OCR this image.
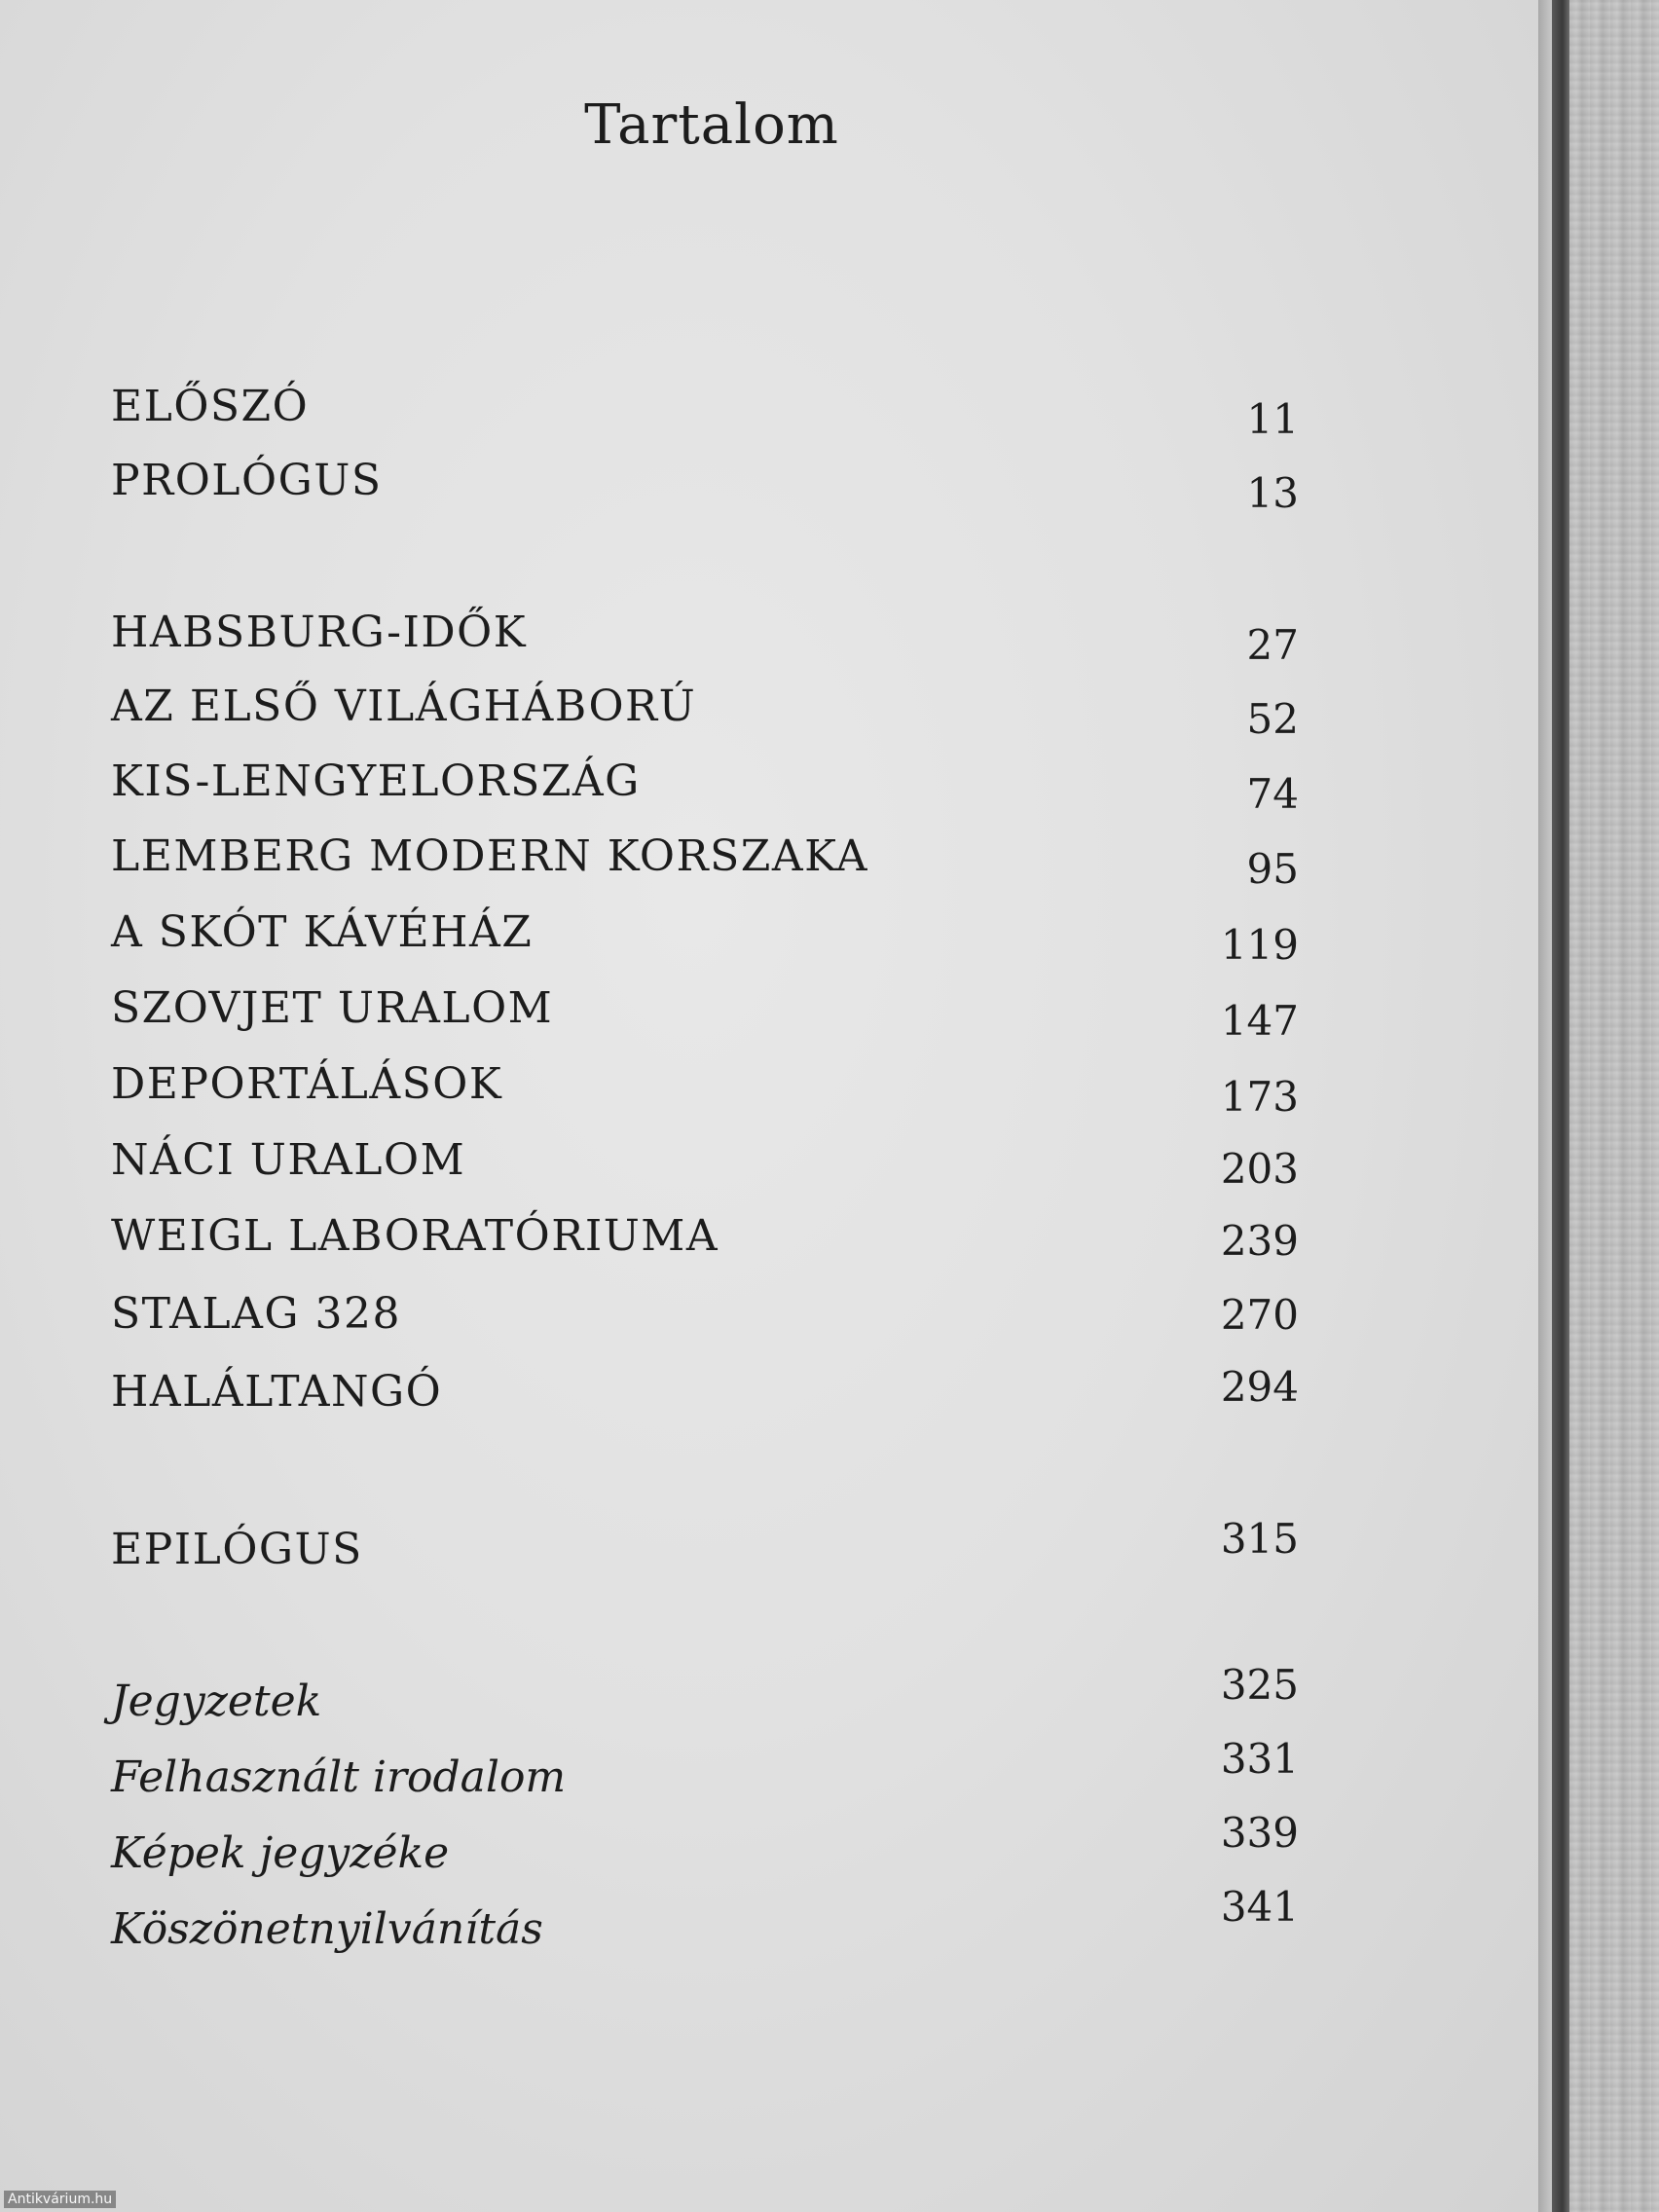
Tartalom
ELŐSZÓ	11
PROLÓGUS	13
HABSBURG-IDŐK	27
AZ ELSŐ VILÁGHÁBORÚ	52
KIS-LENGYELORSZÁG	74
LEMBERG MODERN KORSZAKA	95
A SKÓT KÁVÉHÁZ	119
SZOVJET URALOM	147
DEPORTÁLÁSOK	173
NÁCI URALOM	203
WEIGL LABORATÓRIUMA	239
STALAG 328	270
HALÁLTANGÓ	294
EPILÓGUS	315
Jegyzetek	325
Felhasznált irodalom	331
Képek jegyzéke	339
Köszönetnyilvánítás	341
Antikvárium.hu
